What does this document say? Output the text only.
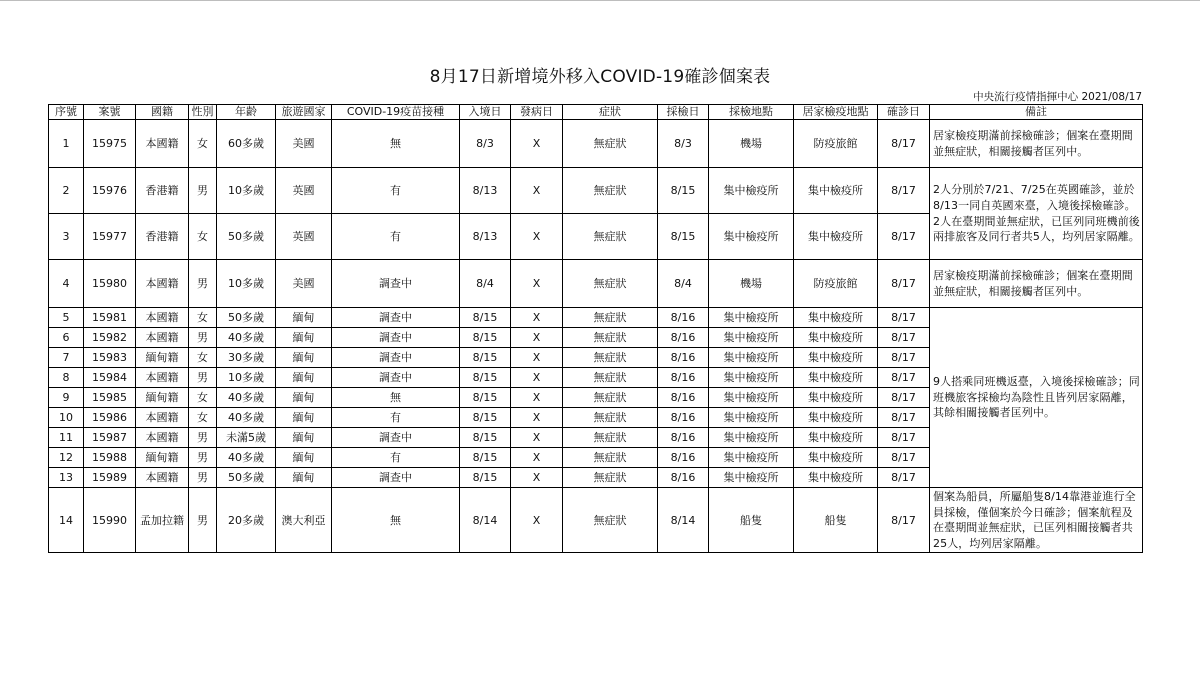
8月17日新增境外移入COVID-19確診個案表
中央流行疫情指揮中心 2021/08/17
序號	案號	國籍	性別	年齡	旅遊國家	COVID-19疫苗接種	入境日	發病日	症狀	採檢日	採檢地點	居家檢疫地點	確診日	備註
1	15975	本國籍	女	60多歲	美國	無	8/3	X	無症狀	8/3	機場	防疫旅館	8/17	居家檢疫期滿前採檢確診；個案在臺期間並無症狀，相關接觸者匡列中。
2	15976	香港籍	男	10多歲	英國	有	8/13	X	無症狀	8/15	集中檢疫所	集中檢疫所	8/17	2人分別於7/21、7/25在英國確診，並於8/13一同自英國來臺，入境後採檢確診。2人在臺期間並無症狀，已匡列同班機前後兩排旅客及同行者共5人，均列居家隔離。
3	15977	香港籍	女	50多歲	英國	有	8/13	X	無症狀	8/15	集中檢疫所	集中檢疫所	8/17	
4	15980	本國籍	男	10多歲	美國	調查中	8/4	X	無症狀	8/4	機場	防疫旅館	8/17	居家檢疫期滿前採檢確診；個案在臺期間並無症狀，相關接觸者匡列中。
5	15981	本國籍	女	50多歲	緬甸	調查中	8/15	X	無症狀	8/16	集中檢疫所	集中檢疫所	8/17	9人搭乘同班機返臺，入境後採檢確診；同班機旅客採檢均為陰性且皆列居家隔離，其餘相關接觸者匡列中。
6	15982	本國籍	男	40多歲	緬甸	調查中	8/15	X	無症狀	8/16	集中檢疫所	集中檢疫所	8/17	
7	15983	緬甸籍	女	30多歲	緬甸	調查中	8/15	X	無症狀	8/16	集中檢疫所	集中檢疫所	8/17	
8	15984	本國籍	男	10多歲	緬甸	調查中	8/15	X	無症狀	8/16	集中檢疫所	集中檢疫所	8/17	
9	15985	緬甸籍	女	40多歲	緬甸	無	8/15	X	無症狀	8/16	集中檢疫所	集中檢疫所	8/17	
10	15986	本國籍	女	40多歲	緬甸	有	8/15	X	無症狀	8/16	集中檢疫所	集中檢疫所	8/17	
11	15987	本國籍	男	未滿5歲	緬甸	調查中	8/15	X	無症狀	8/16	集中檢疫所	集中檢疫所	8/17	
12	15988	緬甸籍	男	40多歲	緬甸	有	8/15	X	無症狀	8/16	集中檢疫所	集中檢疫所	8/17	
13	15989	本國籍	男	50多歲	緬甸	調查中	8/15	X	無症狀	8/16	集中檢疫所	集中檢疫所	8/17	
14	15990	孟加拉籍	男	20多歲	澳大利亞	無	8/14	X	無症狀	8/14	船隻	船隻	8/17	個案為船員，所屬船隻8/14靠港並進行全員採檢，僅個案於今日確診；個案航程及在臺期間並無症狀，已匡列相關接觸者共25人，均列居家隔離。
